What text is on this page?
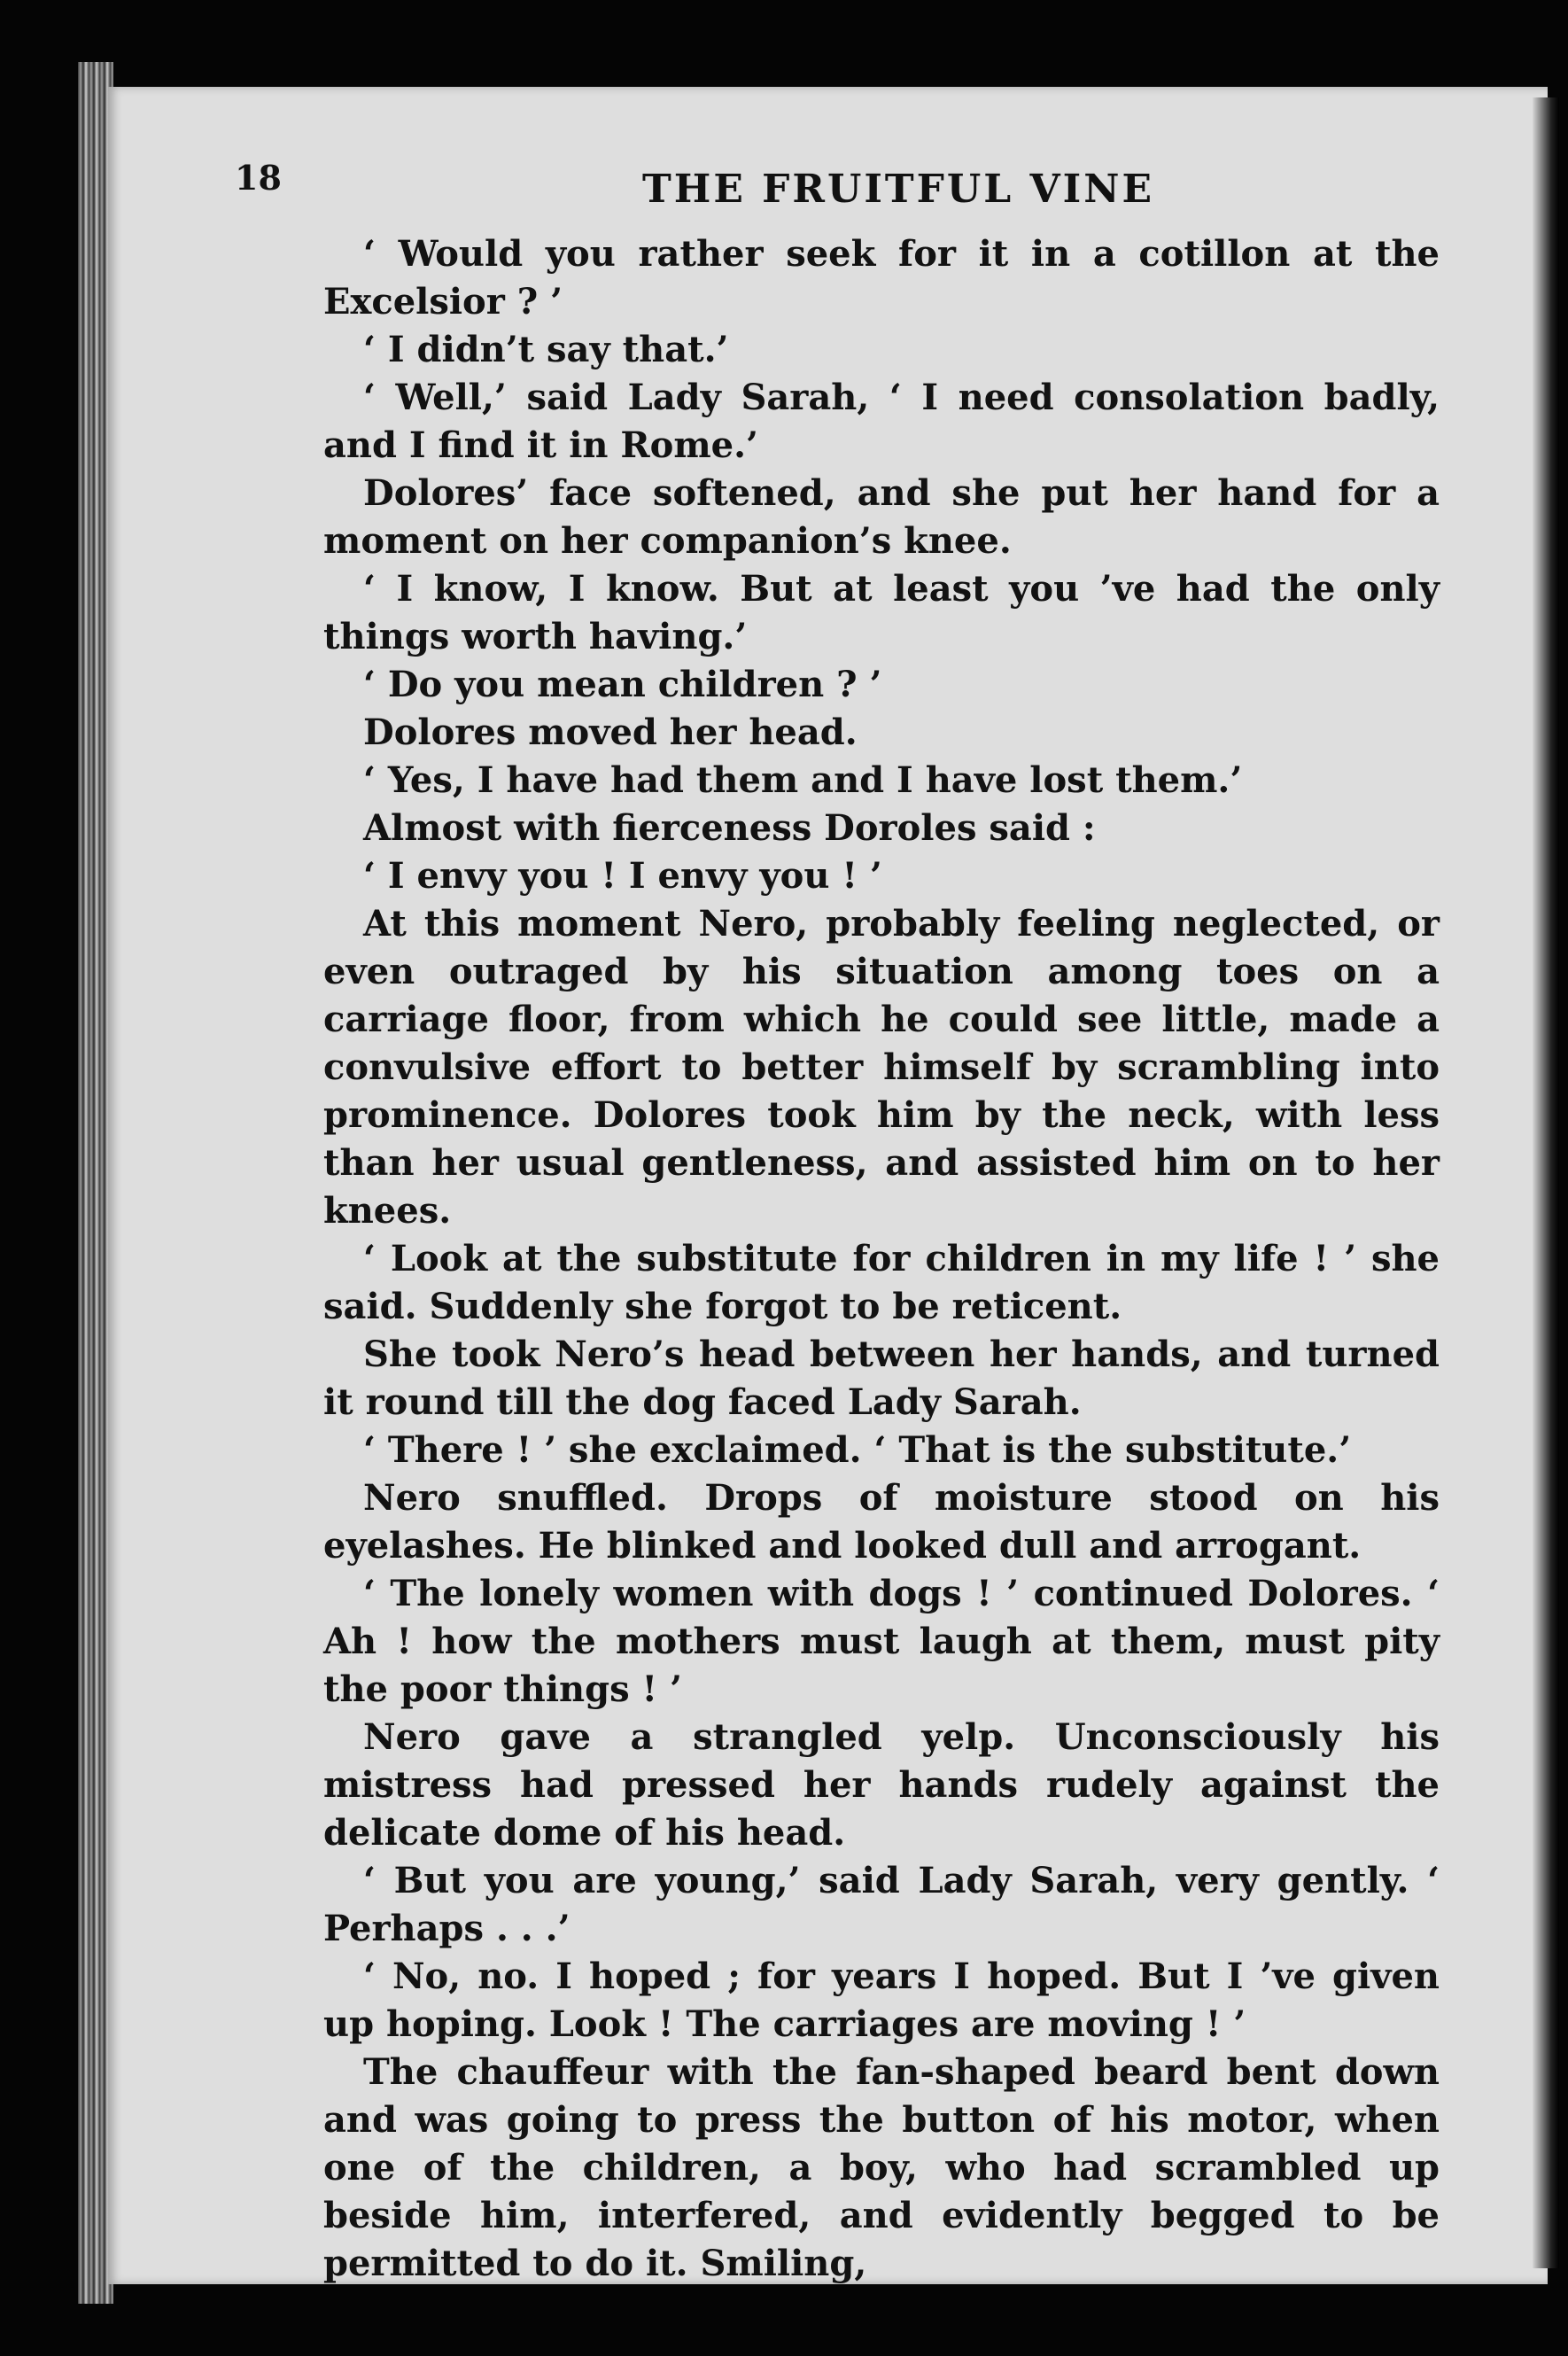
18	THE FRUITFUL VINE

‘ Would you rather seek for it in a cotillon at the Excelsior ? ’

‘ I didn’t say that.’

‘ Well,’ said Lady Sarah, ‘ I need consolation badly, and I find it in Rome.’

Dolores’ face softened, and she put her hand for a moment on her companion’s knee.

‘ I know, I know. But at least you ’ve had the only things worth having.’

‘ Do you mean children ? ’

Dolores moved her head.

‘ Yes, I have had them and I have lost them.’

Almost with fierceness Doroles said :

‘ I envy you ! I envy you ! ’

At this moment Nero, probably feeling neglected, or even outraged by his situation among toes on a carriage floor, from which he could see little, made a convulsive effort to better himself by scrambling into prominence. Dolores took him by the neck, with less than her usual gentleness, and assisted him on to her knees.

‘ Look at the substitute for children in my life ! ’ she said. Suddenly she forgot to be reticent.

She took Nero’s head between her hands, and turned it round till the dog faced Lady Sarah.

‘ There ! ’ she exclaimed. ‘ That is the substitute.’

Nero snuffled. Drops of moisture stood on his eyelashes. He blinked and looked dull and arrogant.

‘ The lonely women with dogs ! ’ continued Dolores. ‘ Ah ! how the mothers must laugh at them, must pity the poor things ! ’

Nero gave a strangled yelp. Unconsciously his mistress had pressed her hands rudely against the delicate dome of his head.

‘ But you are young,’ said Lady Sarah, very gently. ‘ Perhaps . . .’

‘ No, no. I hoped ; for years I hoped. But I ’ve given up hoping. Look ! The carriages are moving ! ’

The chauffeur with the fan-shaped beard bent down and was going to press the button of his motor, when one of the children, a boy, who had scrambled up beside him, interfered, and evidently begged to be permitted to do it. Smiling,
